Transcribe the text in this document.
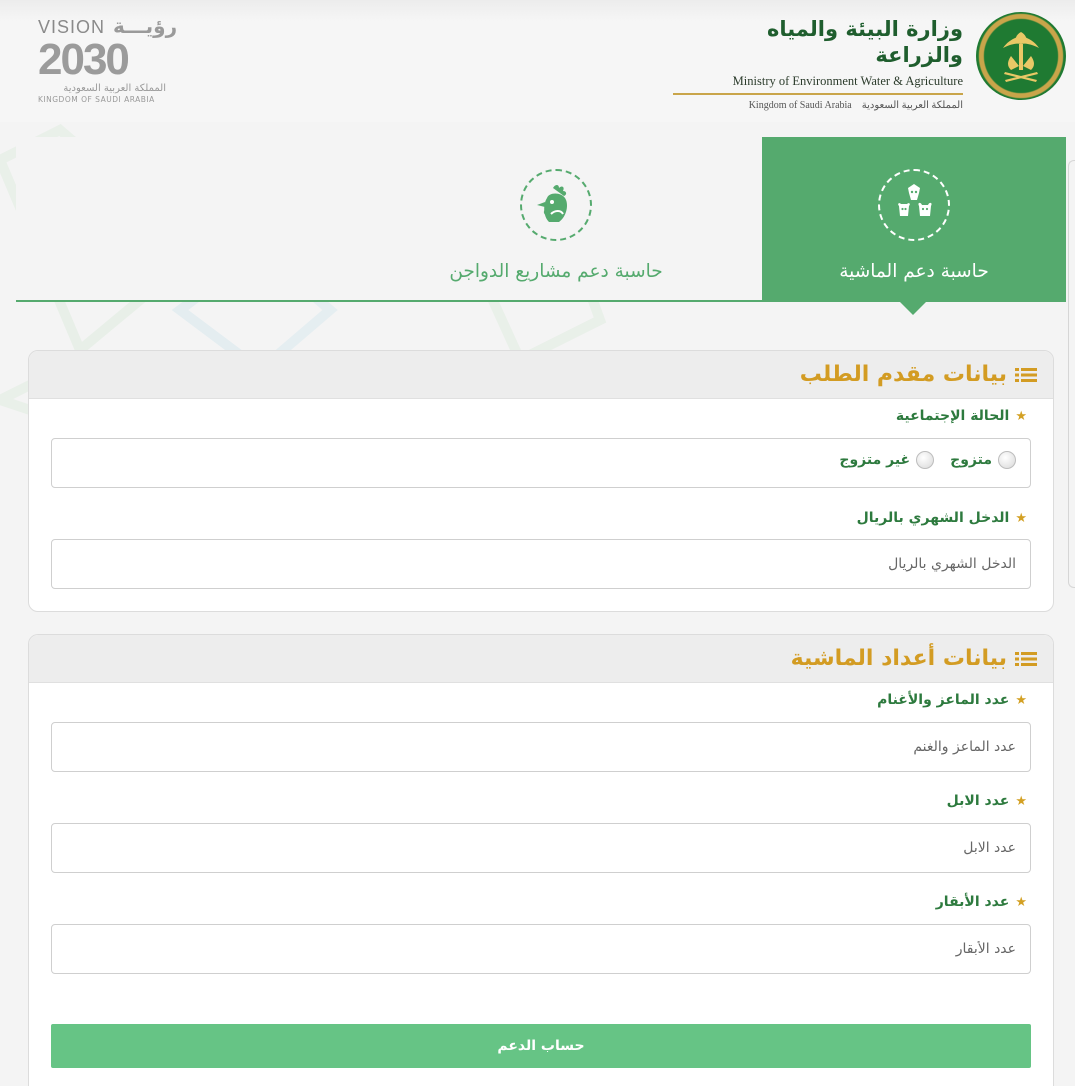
VISION رؤيـــة
2030
المملكة العربية السعودية
KINGDOM OF SAUDI ARABIA
وزارة البيئة والمياه والزراعة
Ministry of Environment Water & Agriculture
Kingdom of Saudi Arabia المملكة العربية السعودية
حاسبة دعم الماشية
حاسبة دعم مشاريع الدواجن
بيانات مقدم الطلب
★
الحالة الإجتماعية
متزوج
غير متزوج
★
الدخل الشهري بالريال
الدخل الشهري بالريال
بيانات أعداد الماشية
★
عدد الماعز والأغنام
عدد الماعز والغنم
★
عدد الابل
عدد الابل
★
عدد الأبقار
عدد الأبقار
حساب الدعم
